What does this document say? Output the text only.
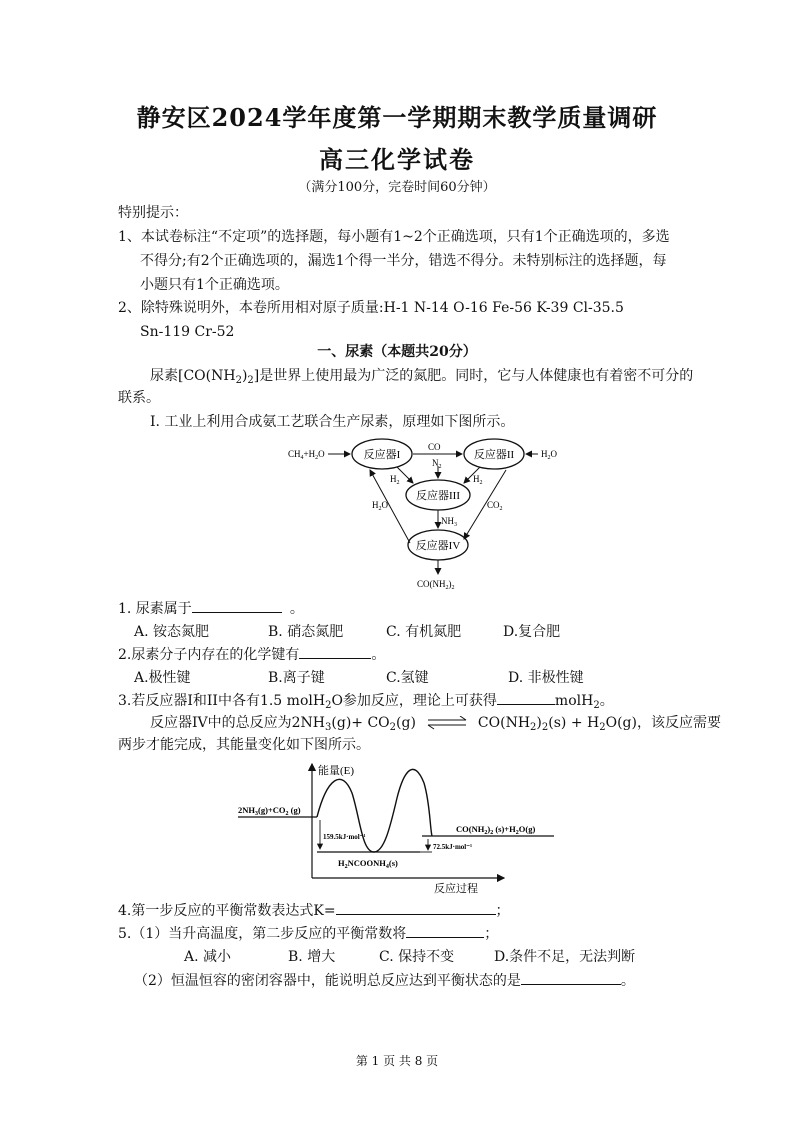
静安区2024学年度第一学期期末教学质量调研
高三化学试卷
（满分100分，完卷时间60分钟）
特别提示：
1、本试卷标注“不定项”的选择题，每小题有1~2个正确选项，只有1个正确选项的，多选
不得分;有2个正确选项的，漏选1个得一半分，错选不得分。未特别标注的选择题，每
小题只有1个正确选项。
2、除特殊说明外，本卷所用相对原子质量:H-1 N-14 O-16 Fe-56 K-39 Cl-35.5
Sn-119 Cr-52
一、尿素（本题共20分）
尿素$[CO(NH_2)_2]$是世界上使用最为广泛的氮肥。同时，它与人体健康也有着密不可分的
联系。
I. 工业上利用合成氨工艺联合生产尿素，原理如下图所示。
反应器I	反应器II
反应器III
反应器IV
$CH_4+H_2O$	$H_2O$
CO
$N_2$
$H_2$	$H_2$
$H_2O$	$CO_2$
$NH_3$
$CO(NH_2)_2$
1. 尿素属于	。
A. 铵态氮肥	B. 硝态氮肥	C. 有机氮肥	D.复合肥
2.尿素分子内存在的化学键有	。
A.极性键	B.离子键	C.氢键	D. 非极性键
3.若反应器I和II中各有1.5 molH$_2$O参加反应，理论上可获得	molH$_2$。
反应器IV中的总反应为$2NH_3(g)+ CO_2(g)$ ⇌ $CO(NH_2)_2(s) + H_2O(g)$，该反应需要
两步才能完成，其能量变化如下图所示。
能量(E)
反应过程
$2NH_3(g)+CO_2$ (g)
$H_2NCOONH_4(s)$
$CO(NH_2)_2$ $(s)+H_2O(g)$
159.5kJ·mol⁻¹
72.5kJ·mol⁻¹
4.第一步反应的平衡常数表达式K=	；
5.（1）当升高温度，第二步反应的平衡常数将	；
A. 减小	B. 增大	C. 保持不变	D.条件不足，无法判断
（2）恒温恒容的密闭容器中，能说明总反应达到平衡状态的是	。
第 1 页 共 8 页
